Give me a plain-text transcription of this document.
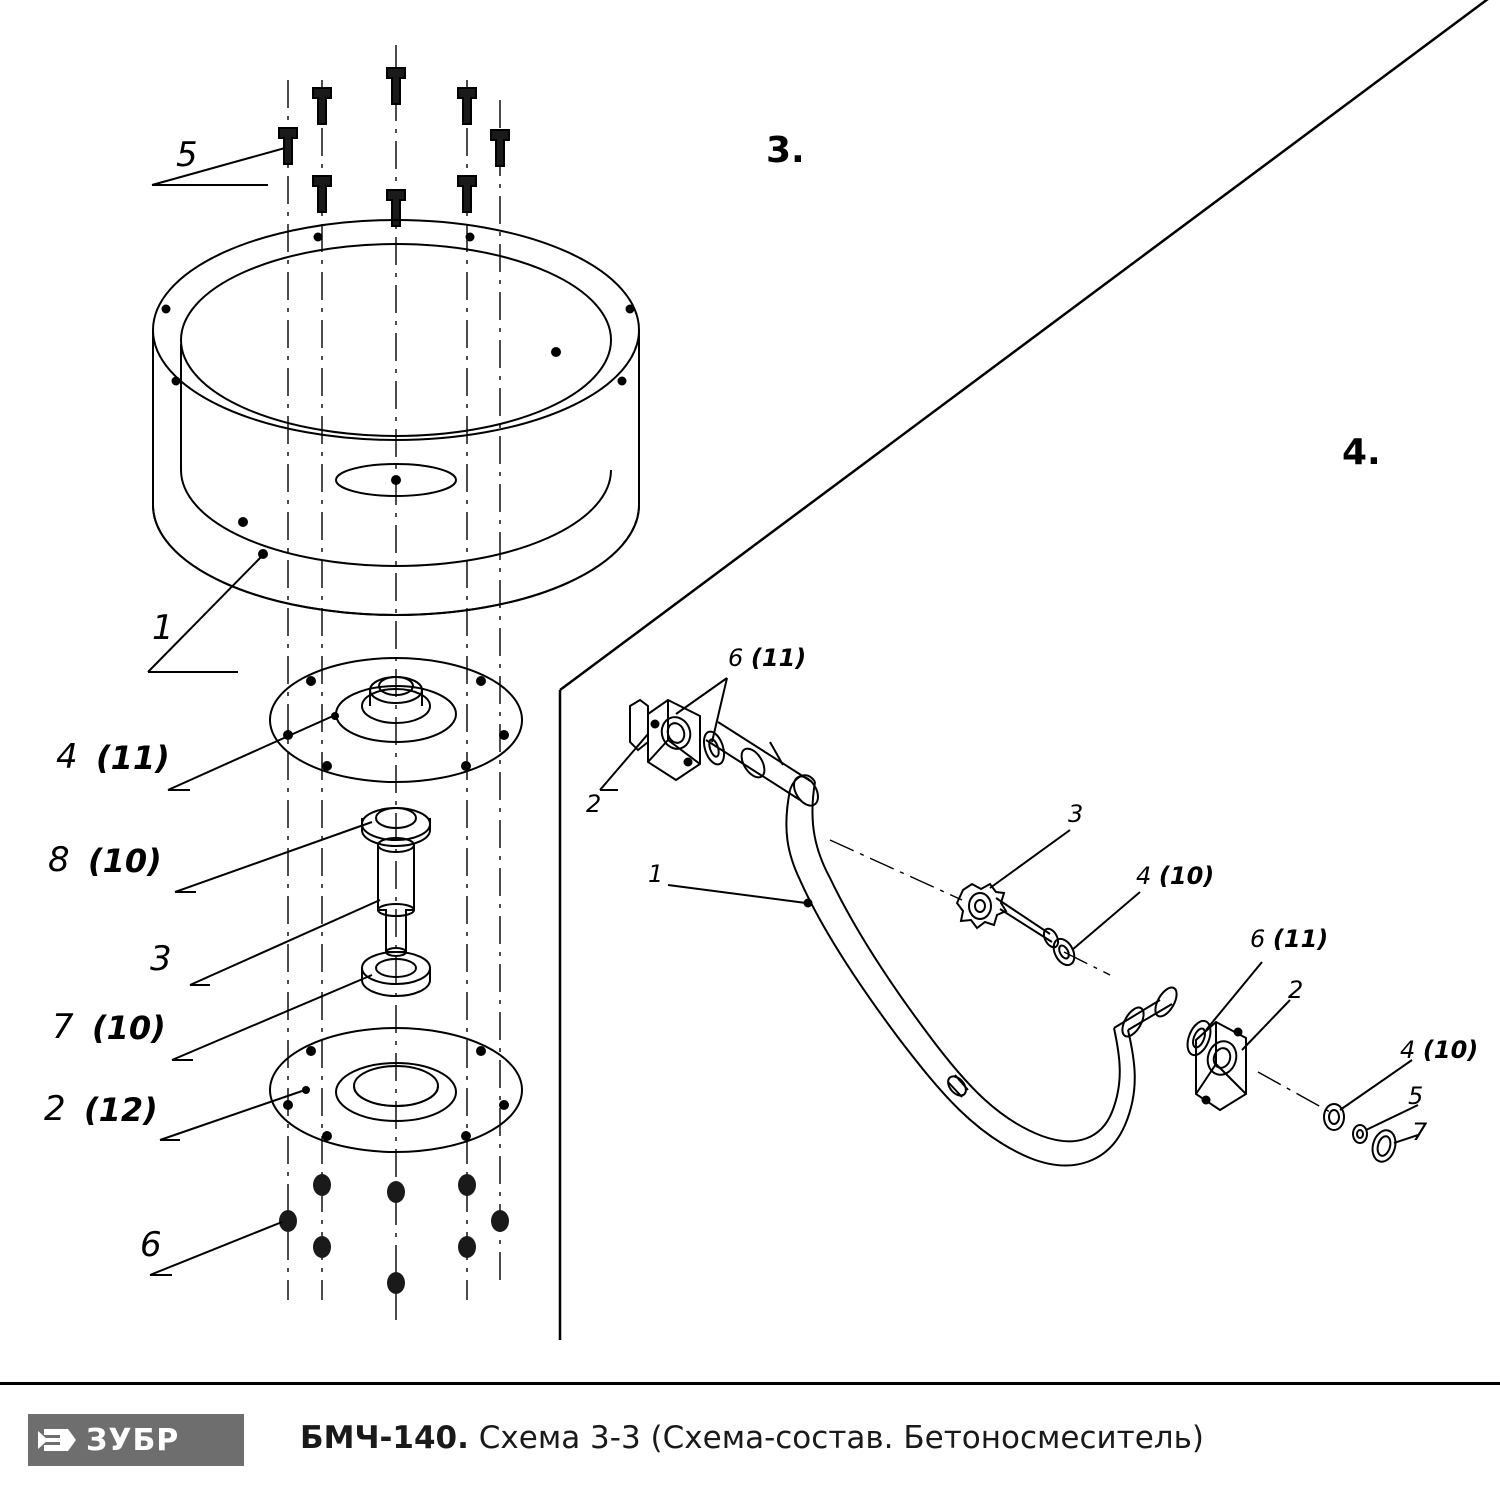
3.
4.
5
1
4 (11)
8 (10)
3
7 (10)
2 (12)
6
6 (11)
2
1
3
4 (10)
6 (11)
2
4 (10)
5
7
ЗУБР	БМЧ-140. Схема 3-3 (Схема-состав. Бетоносмеситель)
